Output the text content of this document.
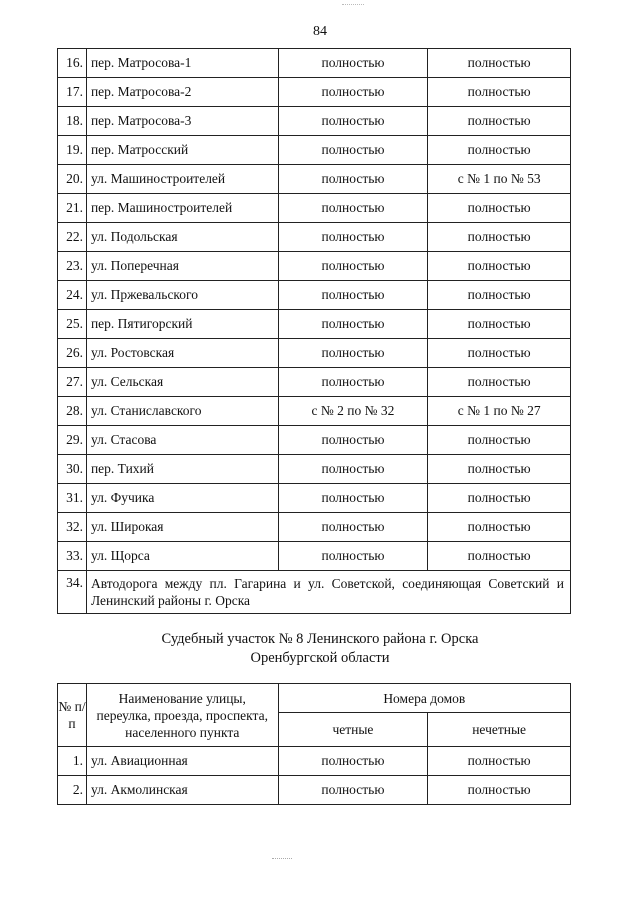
84
16.	пер. Матросова-1	полностью	полностью
17.	пер. Матросова-2	полностью	полностью
18.	пер. Матросова-3	полностью	полностью
19.	пер. Матросский	полностью	полностью
20.	ул. Машиностроителей	полностью	с № 1 по № 53
21.	пер. Машиностроителей	полностью	полностью
22.	ул. Подольская	полностью	полностью
23.	ул. Поперечная	полностью	полностью
24.	ул. Пржевальского	полностью	полностью
25.	пер. Пятигорский	полностью	полностью
26.	ул. Ростовская	полностью	полностью
27.	ул. Сельская	полностью	полностью
28.	ул. Станиславского	с № 2 по № 32	с № 1 по № 27
29.	ул. Стасова	полностью	полностью
30.	пер. Тихий	полностью	полностью
31.	ул. Фучика	полностью	полностью
32.	ул. Широкая	полностью	полностью
33.	ул. Щорса	полностью	полностью
34.	Автодорога между пл. Гагарина и ул. Советской, соединяющая Советский и Ленинский районы г. Орска		
Судебный участок № 8 Ленинского района г. Орска
Оренбургской области
№ п/п	Наименование улицы, переулка, проезда, проспекта, населенного пункта	Номера домов	
		четные	нечетные
1.	ул. Авиационная	полностью	полностью
2.	ул. Акмолинская	полностью	полностью
